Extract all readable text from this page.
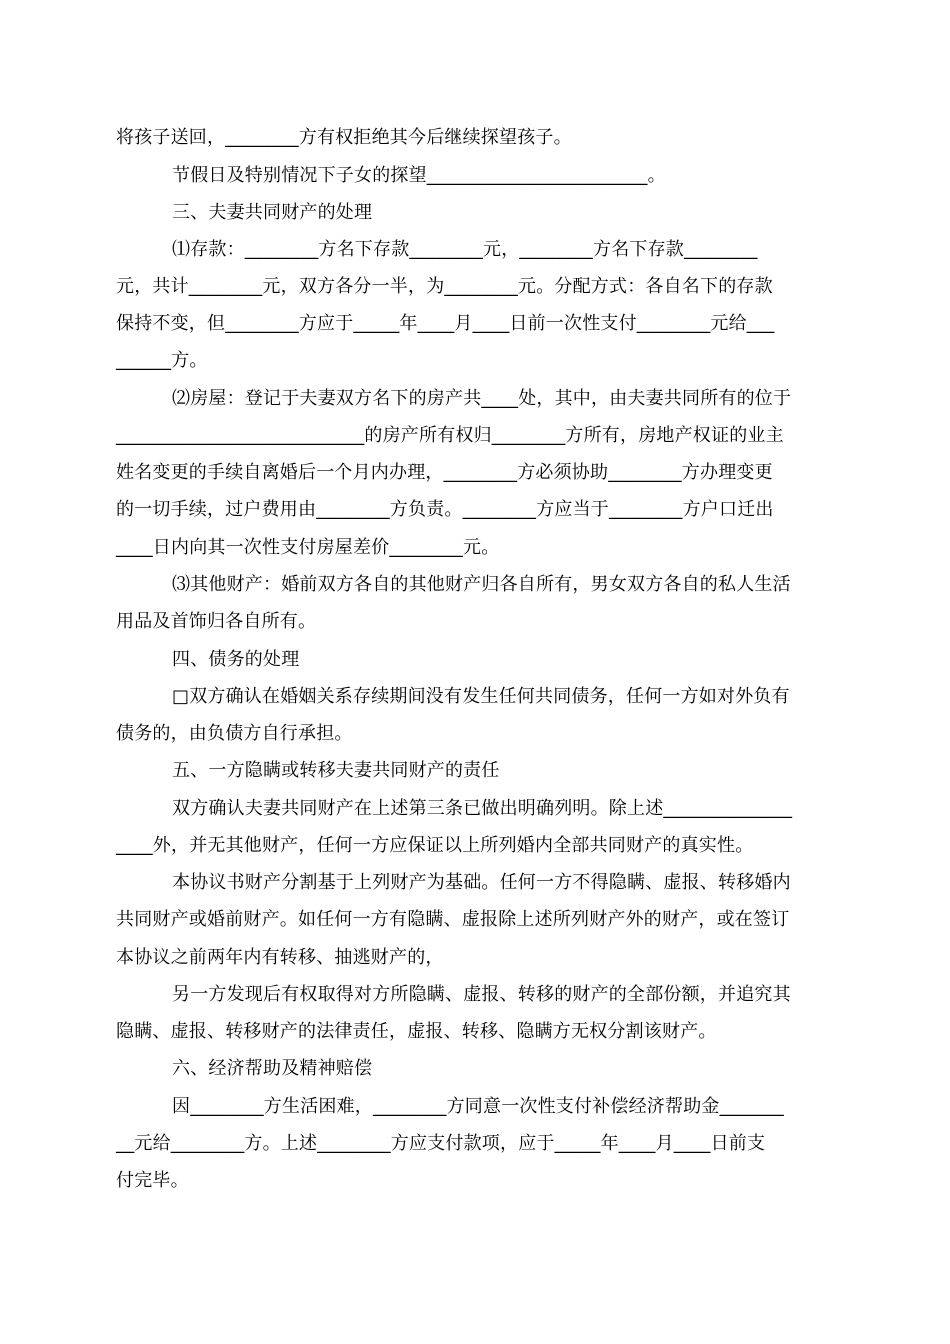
将孩子送回，________方有权拒绝其今后继续探望孩子。
节假日及特别情况下子女的探望________________________。
三、夫妻共同财产的处理
⑴存款：________方名下存款________元，________方名下存款________
元，共计________元，双方各分一半，为________元。分配方式：各自名下的存款
保持不变，但________方应于_____年____月____日前一次性支付________元给___
______方。
⑵房屋：登记于夫妻双方名下的房产共____处，其中，由夫妻共同所有的位于
___________________________的房产所有权归________方所有，房地产权证的业主
姓名变更的手续自离婚后一个月内办理，________方必须协助________方办理变更
的一切手续，过户费用由________方负责。________方应当于________方户口迁出
____日内向其一次性支付房屋差价________元。
⑶其他财产：婚前双方各自的其他财产归各自所有，男女双方各自的私人生活
用品及首饰归各自所有。
四、债务的处理
□双方确认在婚姻关系存续期间没有发生任何共同债务，任何一方如对外负有
债务的，由负债方自行承担。
五、一方隐瞒或转移夫妻共同财产的责任
双方确认夫妻共同财产在上述第三条已做出明确列明。除上述______________
____外，并无其他财产，任何一方应保证以上所列婚内全部共同财产的真实性。
本协议书财产分割基于上列财产为基础。任何一方不得隐瞒、虚报、转移婚内
共同财产或婚前财产。如任何一方有隐瞒、虚报除上述所列财产外的财产，或在签订
本协议之前两年内有转移、抽逃财产的，
另一方发现后有权取得对方所隐瞒、虚报、转移的财产的全部份额，并追究其
隐瞒、虚报、转移财产的法律责任，虚报、转移、隐瞒方无权分割该财产。
六、经济帮助及精神赔偿
因________方生活困难，________方同意一次性支付补偿经济帮助金_______
__元给________方。上述________方应支付款项，应于_____年____月____日前支
付完毕。
